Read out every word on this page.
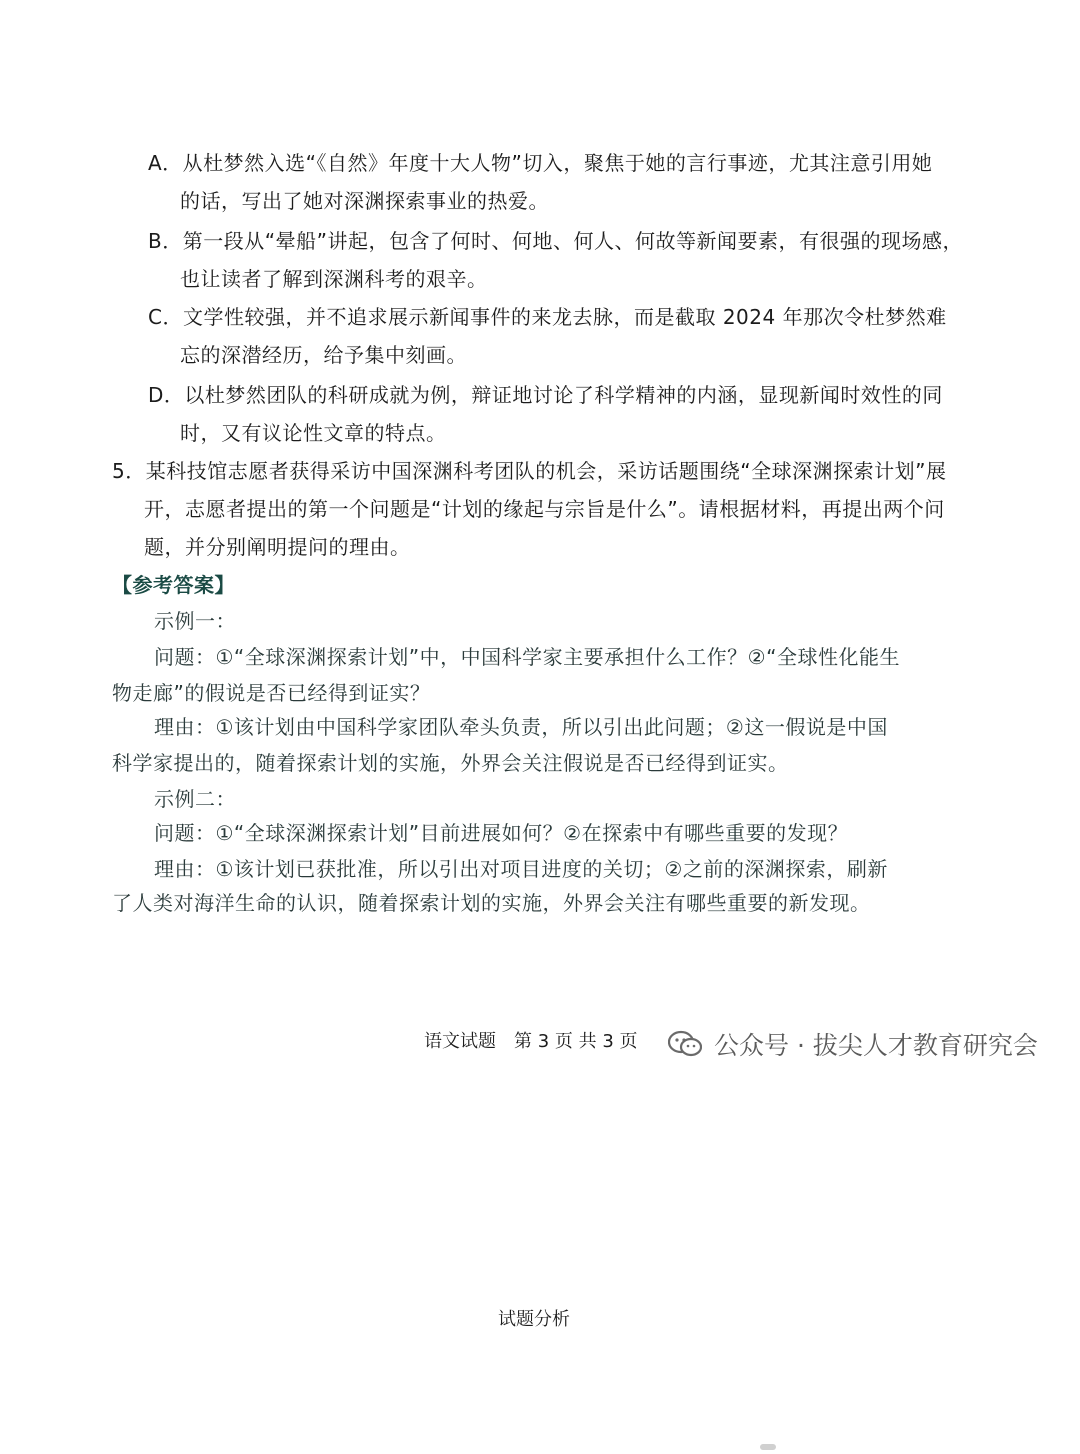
A．从杜梦然入选“《自然》年度十大人物”切入，聚焦于她的言行事迹，尤其注意引用她
的话，写出了她对深渊探索事业的热爱。
B．第一段从“晕船”讲起，包含了何时、何地、何人、何故等新闻要素，有很强的现场感，
也让读者了解到深渊科考的艰辛。
C．文学性较强，并不追求展示新闻事件的来龙去脉，而是截取 2024 年那次令杜梦然难
忘的深潜经历，给予集中刻画。
D．以杜梦然团队的科研成就为例，辩证地讨论了科学精神的内涵，显现新闻时效性的同
时，又有议论性文章的特点。
5．某科技馆志愿者获得采访中国深渊科考团队的机会，采访话题围绕“全球深渊探索计划”展
开，志愿者提出的第一个问题是“计划的缘起与宗旨是什么”。请根据材料，再提出两个问
题，并分别阐明提问的理由。
【参考答案】
示例一：
问题：①“全球深渊探索计划”中，中国科学家主要承担什么工作？②“全球性化能生
物走廊”的假说是否已经得到证实？
理由：①该计划由中国科学家团队牵头负责，所以引出此问题；②这一假说是中国
科学家提出的，随着探索计划的实施，外界会关注假说是否已经得到证实。
示例二：
问题：①“全球深渊探索计划”目前进展如何？②在探索中有哪些重要的发现？
理由：①该计划已获批准，所以引出对项目进度的关切；②之前的深渊探索，刷新
了人类对海洋生命的认识，随着探索计划的实施，外界会关注有哪些重要的新发现。
试题分析
语文试题　第 3 页 共 3 页	公众号 · 拔尖人才教育研究会
